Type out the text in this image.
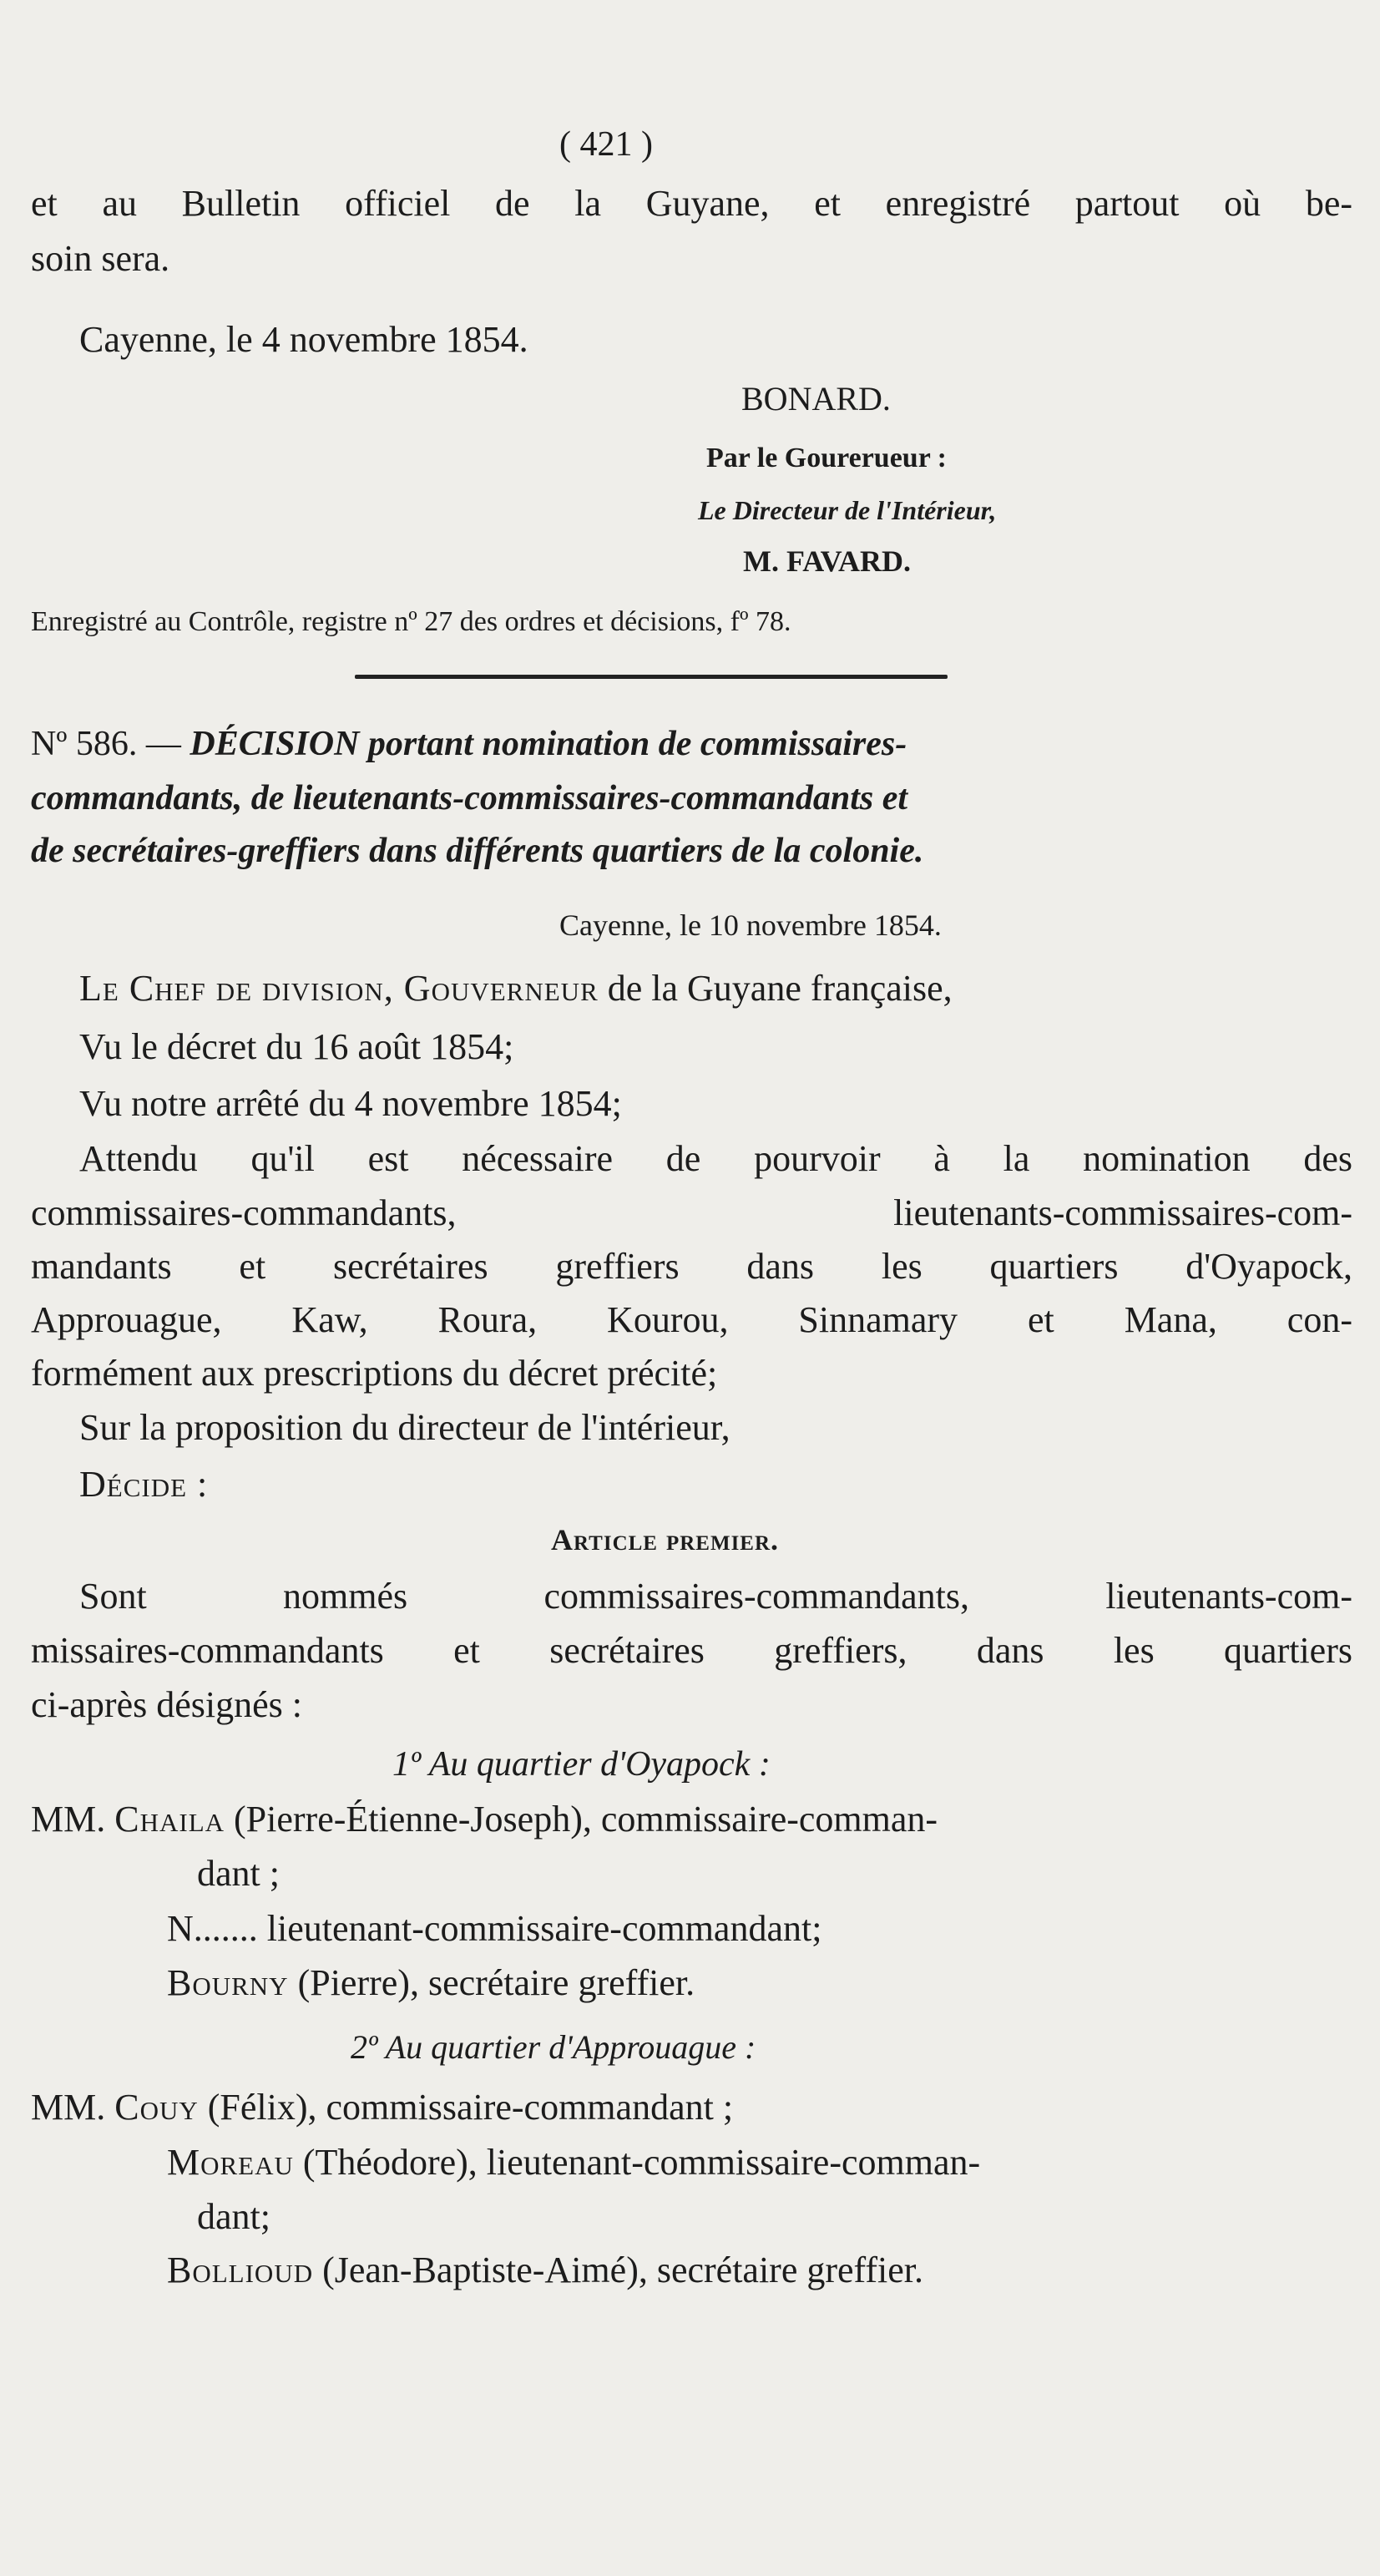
( 421 )
et au Bulletin officiel de la Guyane, et enregistré partout où be-
soin sera.
Cayenne, le 4 novembre 1854.
BONARD.
Par le Gourerueur :
Le Directeur de l'Intérieur,
M. FAVARD.
Enregistré au Contrôle, registre nº 27 des ordres et décisions, fº 78.
Nº 586. — DÉCISION portant nomination de commissaires-
commandants, de lieutenants-commissaires-commandants et
de secrétaires-greffiers dans différents quartiers de la colonie.
Cayenne, le 10 novembre 1854.
Le Chef de division, Gouverneur de la Guyane française,
Vu le décret du 16 août 1854;
Vu notre arrêté du 4 novembre 1854;
Attendu qu'il est nécessaire de pourvoir à la nomination des
commissaires-commandants, lieutenants-commissaires-com-
mandants et secrétaires greffiers dans les quartiers d'Oyapock,
Approuague, Kaw, Roura, Kourou, Sinnamary et Mana, con-
formément aux prescriptions du décret précité;
Sur la proposition du directeur de l'intérieur,
Décide :
Article premier.
Sont nommés commissaires-commandants, lieutenants-com-
missaires-commandants et secrétaires greffiers, dans les quartiers
ci-après désignés :
1º Au quartier d'Oyapock :
MM. Chaila (Pierre-Étienne-Joseph), commissaire-comman-
dant ;
N....... lieutenant-commissaire-commandant;
Bourny (Pierre), secrétaire greffier.
2º Au quartier d'Approuague :
MM. Couy (Félix), commissaire-commandant ;
Moreau (Théodore), lieutenant-commissaire-comman-
dant;
Bollioud (Jean-Baptiste-Aimé), secrétaire greffier.
